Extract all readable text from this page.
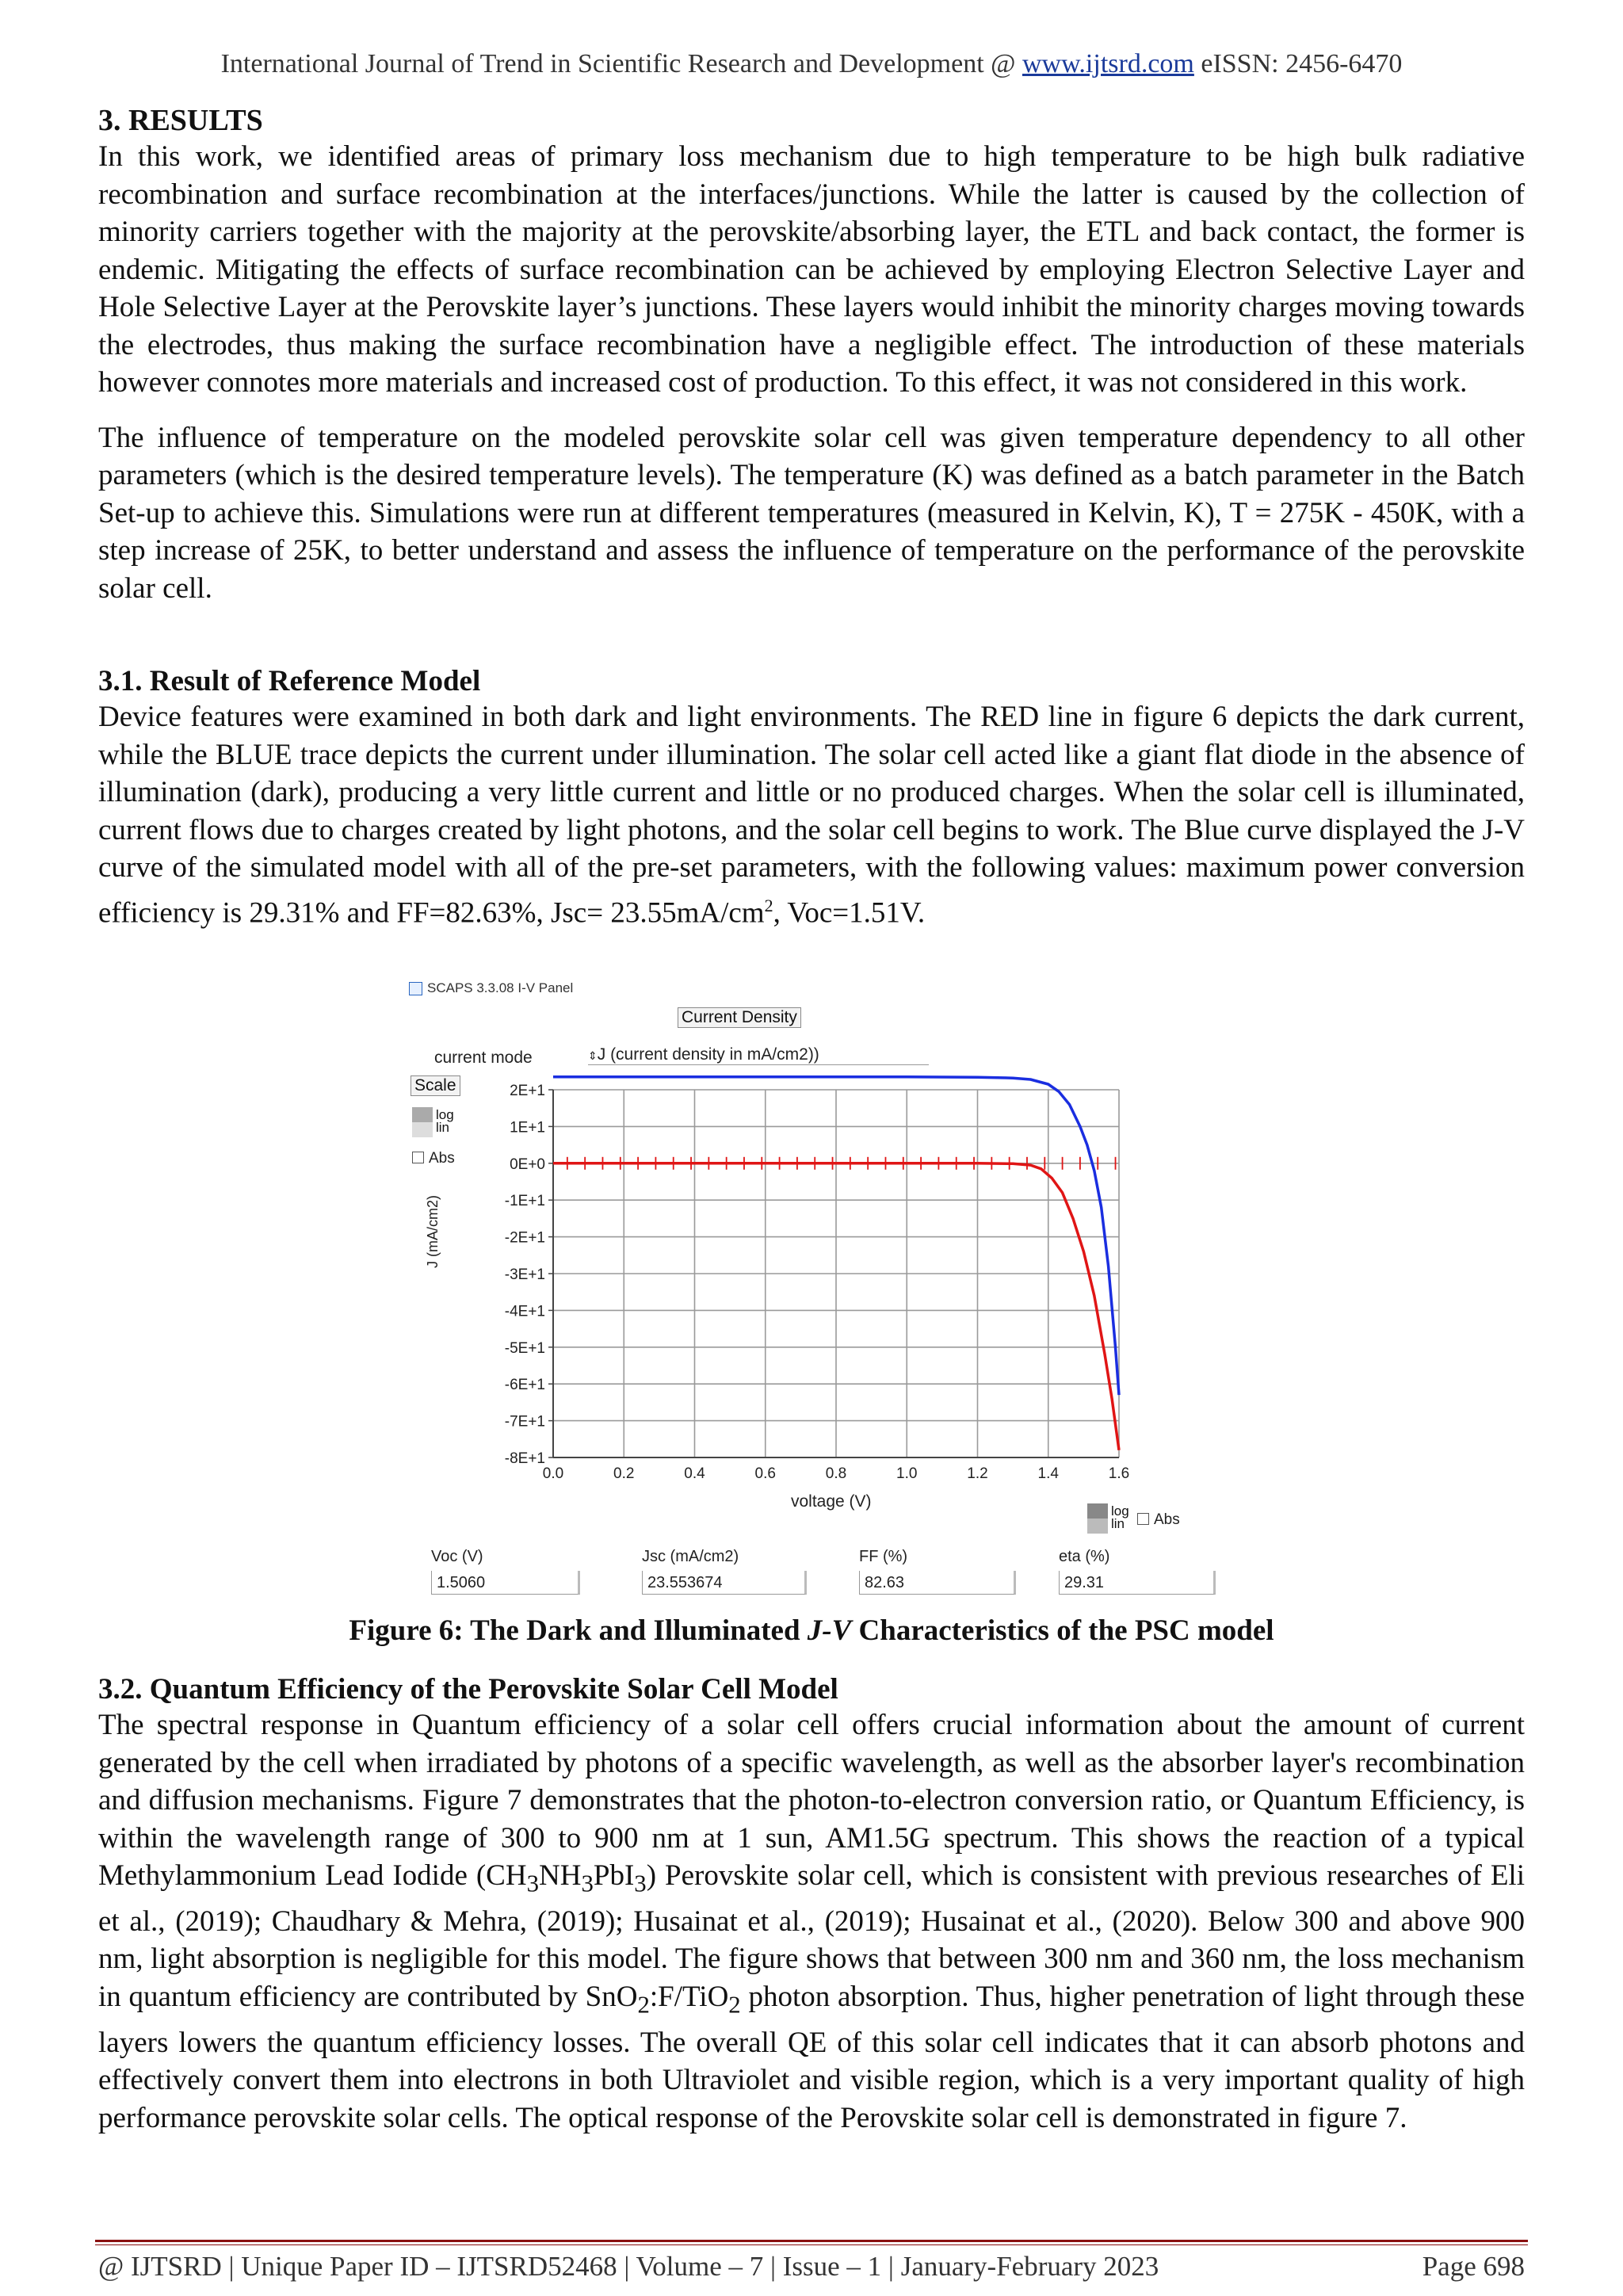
International Journal of Trend in Scientific Research and Development @ www.ijtsrd.com eISSN: 2456-6470
3. RESULTS

In this work, we identified areas of primary loss mechanism due to high temperature to be high bulk radiative recombination and surface recombination at the interfaces/junctions. While the latter is caused by the collection of minority carriers together with the majority at the perovskite/absorbing layer, the ETL and back contact, the former is endemic. Mitigating the effects of surface recombination can be achieved by employing Electron Selective Layer and Hole Selective Layer at the Perovskite layer’s junctions. These layers would inhibit the minority charges moving towards the electrodes, thus making the surface recombination have a negligible effect. The introduction of these materials however connotes more materials and increased cost of production. To this effect, it was not considered in this work.

The influence of temperature on the modeled perovskite solar cell was given temperature dependency to all other parameters (which is the desired temperature levels). The temperature (K) was defined as a batch parameter in the Batch Set-up to achieve this. Simulations were run at different temperatures (measured in Kelvin, K), T = 275K - 450K, with a step increase of 25K, to better understand and assess the influence of temperature on the performance of the perovskite solar cell.

3.1. Result of Reference Model

Device features were examined in both dark and light environments. The RED line in figure 6 depicts the dark current, while the BLUE trace depicts the current under illumination. The solar cell acted like a giant flat diode in the absence of illumination (dark), producing a very little current and little or no produced charges. When the solar cell is illuminated, current flows due to charges created by light photons, and the solar cell begins to work. The Blue curve displayed the J-V curve of the simulated model with all of the pre-set parameters, with the following values: maximum power conversion efficiency is 29.31% and FF=82.63%, $Jsc= 23.55mA/cm^2$, Voc=1.51V.

SCAPS 3.3.08 I-V Panel
Current Density
current mode	⇕J (current density in mA/cm2))
Scale
log
lin
Abs
J (mA/cm2)
0.0	0.2	0.4	0.6	0.8	1.0	1.2	1.4	1.6
2E+1
1E+1
0E+0
-1E+1
-2E+1
-3E+1
-4E+1
-5E+1
-6E+1
-7E+1
-8E+1
voltage (V)
log
lin	Abs
Voc (V)
1.5060
Jsc (mA/cm2)
23.553674
FF (%)
82.63
eta (%)
29.31
Figure 6: The Dark and Illuminated J-V Characteristics of the PSC model
3.2. Quantum Efficiency of the Perovskite Solar Cell Model

The spectral response in Quantum efficiency of a solar cell offers crucial information about the amount of current generated by the cell when irradiated by photons of a specific wavelength, as well as the absorber layer's recombination and diffusion mechanisms. Figure 7 demonstrates that the photon-to-electron conversion ratio, or Quantum Efficiency, is within the wavelength range of 300 to 900 nm at 1 sun, AM1.5G spectrum. This shows the reaction of a typical Methylammonium Lead Iodide $(CH_3NH_3PbI_3)$ Perovskite solar cell, which is consistent with previous researches of Eli et al., (2019); Chaudhary & Mehra, (2019); Husainat et al., (2019); Husainat et al., (2020). Below 300 and above 900 nm, light absorption is negligible for this model. The figure shows that between 300 nm and 360 nm, the loss mechanism in quantum efficiency are contributed by SnO$_2$:F/TiO$_2$ photon absorption. Thus, higher penetration of light through these layers lowers the quantum efficiency losses. The overall QE of this solar cell indicates that it can absorb photons and effectively convert them into electrons in both Ultraviolet and visible region, which is a very important quality of high performance perovskite solar cells. The optical response of the Perovskite solar cell is demonstrated in figure 7.

@ IJTSRD | Unique Paper ID – IJTSRD52468 | Volume – 7 | Issue – 1 | January-February 2023	Page 698
